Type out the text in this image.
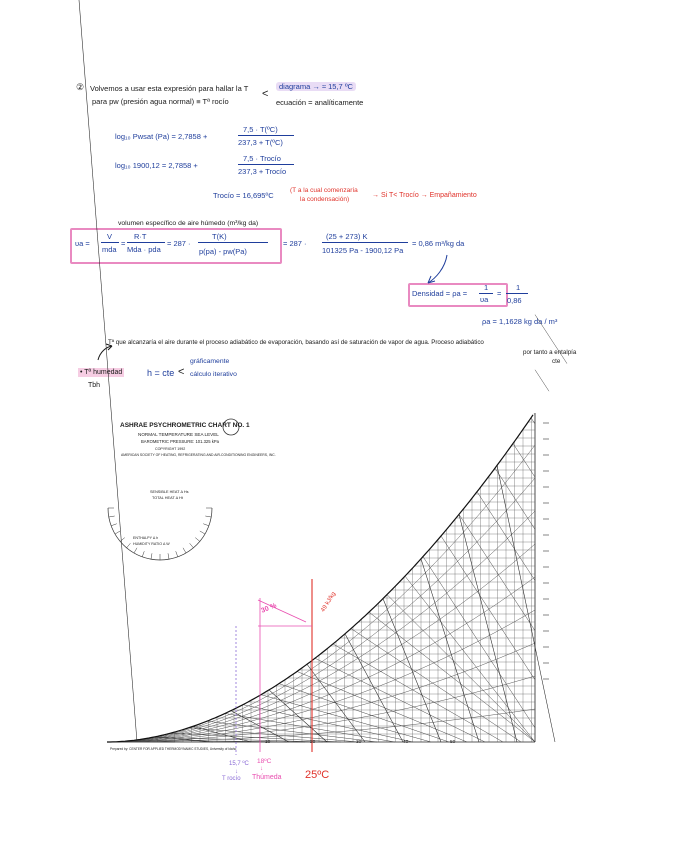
② Volvemos a usar esta expresión para hallar la T
para pw (presión agua normal) ≡ Tª rocío
<
diagrama → ≈ 15,7 ºC
ecuación = analíticamente
log₁₀ Pwsat (Pa) = 2,7858 +
7,5 · T(ºC)
237,3 + T(ºC)
log₁₀ 1900,12 = 2,7858 +
7,5 · Trocío
237,3 + Trocío
Trocío = 16,695ºC
(T a la cual comenzaría
la condensación)
→ Si T< Trocío → Empañamiento
volumen específico de aire húmedo (m³/kg da)
υa =
V
mda
=
R·T
Mda · pda
= 287 ·
T(K)
p(pa) - pw(Pa)
= 287 ·
(25 + 273) K
101325 Pa - 1900,12 Pa
= 0,86 m³/kg da
Densidad = ρa =
1
υa
=
1
0,86
ρa = 1,1628 kg da / m³
Tª que alcanzaría el aire durante el proceso adiabático de evaporación, basando así de saturación de vapor de agua. Proceso adiabático
por tanto a entalpía
cte
• Tª humedad
Tbh
h = cte <
gráficamente
cálculo iterativo
ASHRAE PSYCHROMETRIC CHART NO. 1
NORMAL TEMPERATURE SEA LEVEL
BAROMETRIC PRESSURE: 101.325 kPa
COPYRIGHT 1992
AMERICAN SOCIETY OF HEATING, REFRIGERATING AND AIR-CONDITIONING ENGINEERS, INC.
SENSIBLE HEAT Δ Hs
TOTAL HEAT Δ Ht
ENTHALPY Δ h
HUMIDITY RATIO Δ W
Prepared by: CENTER FOR APPLIED THERMODYNAMIC STUDIES, University of Idaho
30 %	49 kJ/kg
15,7 ºC
↓
T rocío
18ºC
↓
Thúmeda 25ºC
10	20	30	40	50
